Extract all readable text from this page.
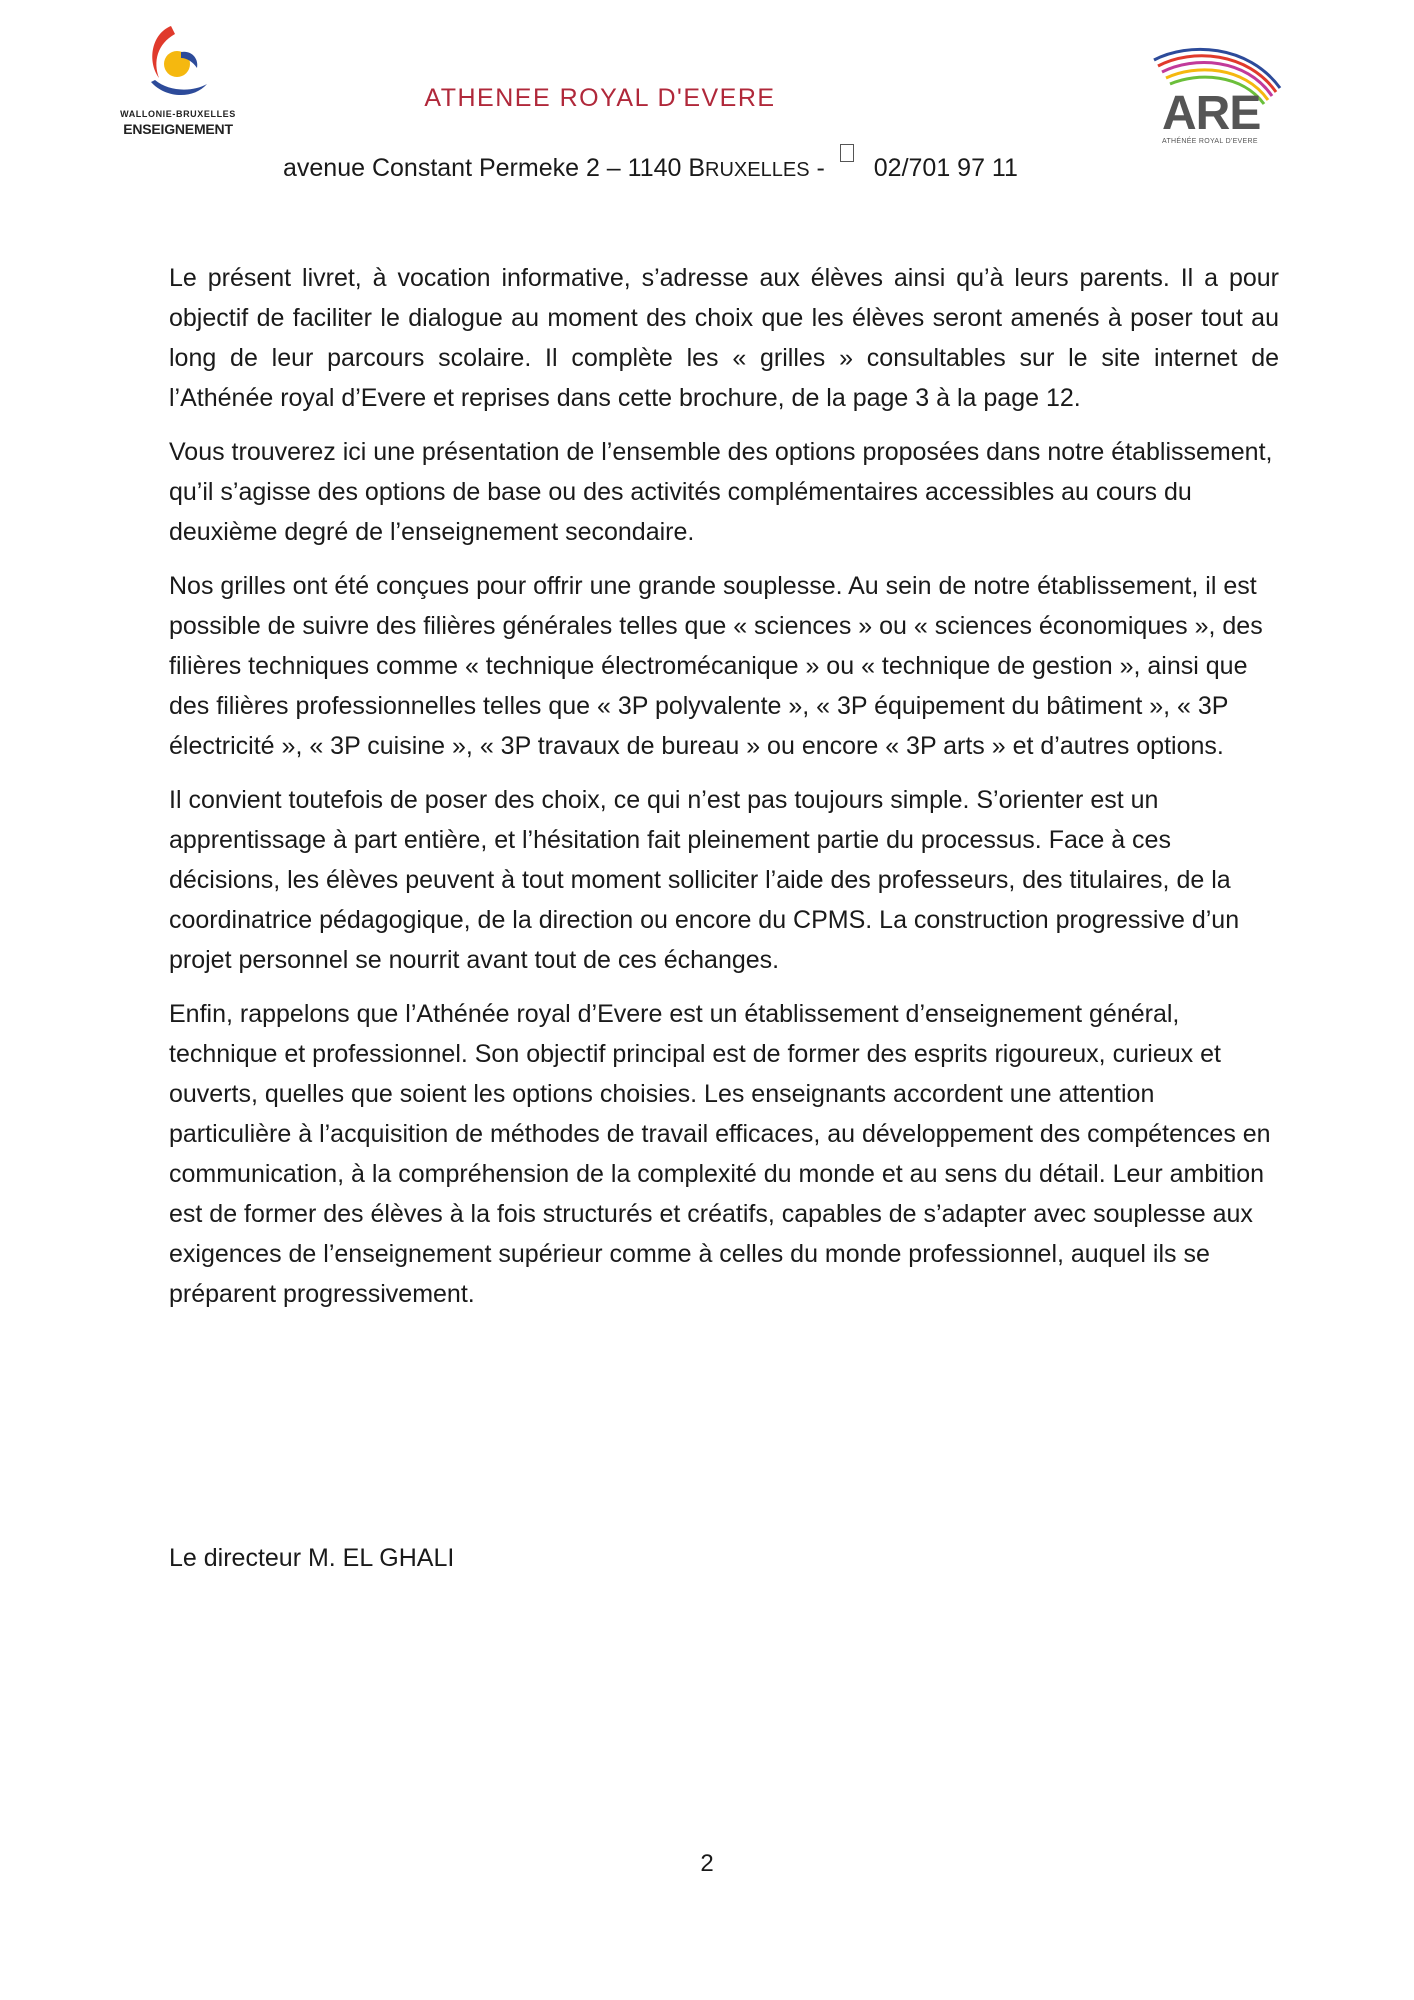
WALLONIE-BRUXELLES
ENSEIGNEMENT
ATHENEE ROYAL D'EVERE
avenue Constant Permeke 2 – 1140 BRUXELLES - 02/701 97 11
ARE
ATHÉNÉE ROYAL D'EVERE

Le présent livret, à vocation informative, s’adresse aux élèves ainsi qu’à leurs parents. Il a pour objectif de faciliter le dialogue au moment des choix que les élèves seront amenés à poser tout au long de leur parcours scolaire. Il complète les « grilles » consultables sur le site internet de l’Athénée royal d’Evere et reprises dans cette brochure, de la page 3 à la page 12.

Vous trouverez ici une présentation de l’ensemble des options proposées dans notre établissement, qu’il s’agisse des options de base ou des activités complémentaires accessibles au cours du deuxième degré de l’enseignement secondaire.

Nos grilles ont été conçues pour offrir une grande souplesse. Au sein de notre établissement, il est possible de suivre des filières générales telles que « sciences » ou « sciences économiques », des filières techniques comme « technique électromécanique » ou « technique de gestion », ainsi que des filières professionnelles telles que « 3P polyvalente », « 3P équipement du bâtiment », « 3P électricité », « 3P cuisine », « 3P travaux de bureau » ou encore « 3P arts » et d’autres options.

Il convient toutefois de poser des choix, ce qui n’est pas toujours simple. S’orienter est un apprentissage à part entière, et l’hésitation fait pleinement partie du processus. Face à ces décisions, les élèves peuvent à tout moment solliciter l’aide des professeurs, des titulaires, de la coordinatrice pédagogique, de la direction ou encore du CPMS. La construction progressive d’un projet personnel se nourrit avant tout de ces échanges.

Enfin, rappelons que l’Athénée royal d’Evere est un établissement d’enseignement général, technique et professionnel. Son objectif principal est de former des esprits rigoureux, curieux et ouverts, quelles que soient les options choisies. Les enseignants accordent une attention particulière à l’acquisition de méthodes de travail efficaces, au développement des compétences en communication, à la compréhension de la complexité du monde et au sens du détail. Leur ambition est de former des élèves à la fois structurés et créatifs, capables de s’adapter avec souplesse aux exigences de l’enseignement supérieur comme à celles du monde professionnel, auquel ils se préparent progressivement.

Le directeur M. EL GHALI
2
